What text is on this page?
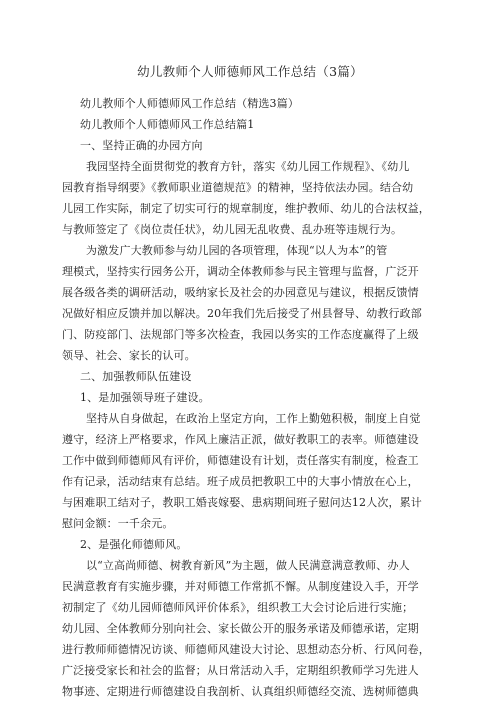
幼儿教师个人师德师风工作总结（3篇）
幼儿教师个人师德师风工作总结（精选3篇）
幼儿教师个人师德师风工作总结篇1
一、坚持正确的办园方向
我园坚持全面贯彻党的教育方针，落实《幼儿园工作规程》、《幼儿
园教育指导纲要》《教师职业道德规范》的精神，坚持依法办园。结合幼
儿园工作实际，制定了切实可行的规章制度，维护教师、幼儿的合法权益，
与教师签定了《岗位责任状》，幼儿园无乱收费、乱办班等违规行为。
为激发广大教师参与幼儿园的各项管理，体现“以人为本”的管
理模式，坚持实行园务公开，调动全体教师参与民主管理与监督，广泛开
展各级各类的调研活动，吸纳家长及社会的办园意见与建议，根据反馈情
况做好相应反馈并加以解决。20年我们先后接受了州县督导、幼教行政部
门、防疫部门、法规部门等多次检查，我园以务实的工作态度赢得了上级
领导、社会、家长的认可。
二、加强教师队伍建设
1、是加强领导班子建设。
坚持从自身做起，在政治上坚定方向，工作上勤勉积极，制度上自觉
遵守，经济上严格要求，作风上廉洁正派，做好教职工的表率。师德建设
工作中做到师德师风有评价，师德建设有计划，责任落实有制度，检查工
作有记录，活动结束有总结。班子成员把教职工中的大事小情放在心上，
与困难职工结对子，教职工婚丧嫁娶、患病期间班子慰问达12人次，累计
慰问金额：一千余元。
2、是强化师德师风。
以“立高尚师德、树教育新风”为主题，做人民满意满意教师、办人
民满意教育有实施步骤，并对师德工作常抓不懈。从制度建设入手，开学
初制定了《幼儿园师德师风评价体系》，组织教工大会讨论后进行实施；
幼儿园、全体教师分别向社会、家长做公开的服务承诺及师德承诺，定期
进行教师师德情况访谈、师德师风建设大讨论、思想动态分析、行风问卷，
广泛接受家长和社会的监督；从日常活动入手，定期组织教师学习先进人
物事迹、定期进行师德建设自我剖析、认真组织师德经交流、选树师德典
